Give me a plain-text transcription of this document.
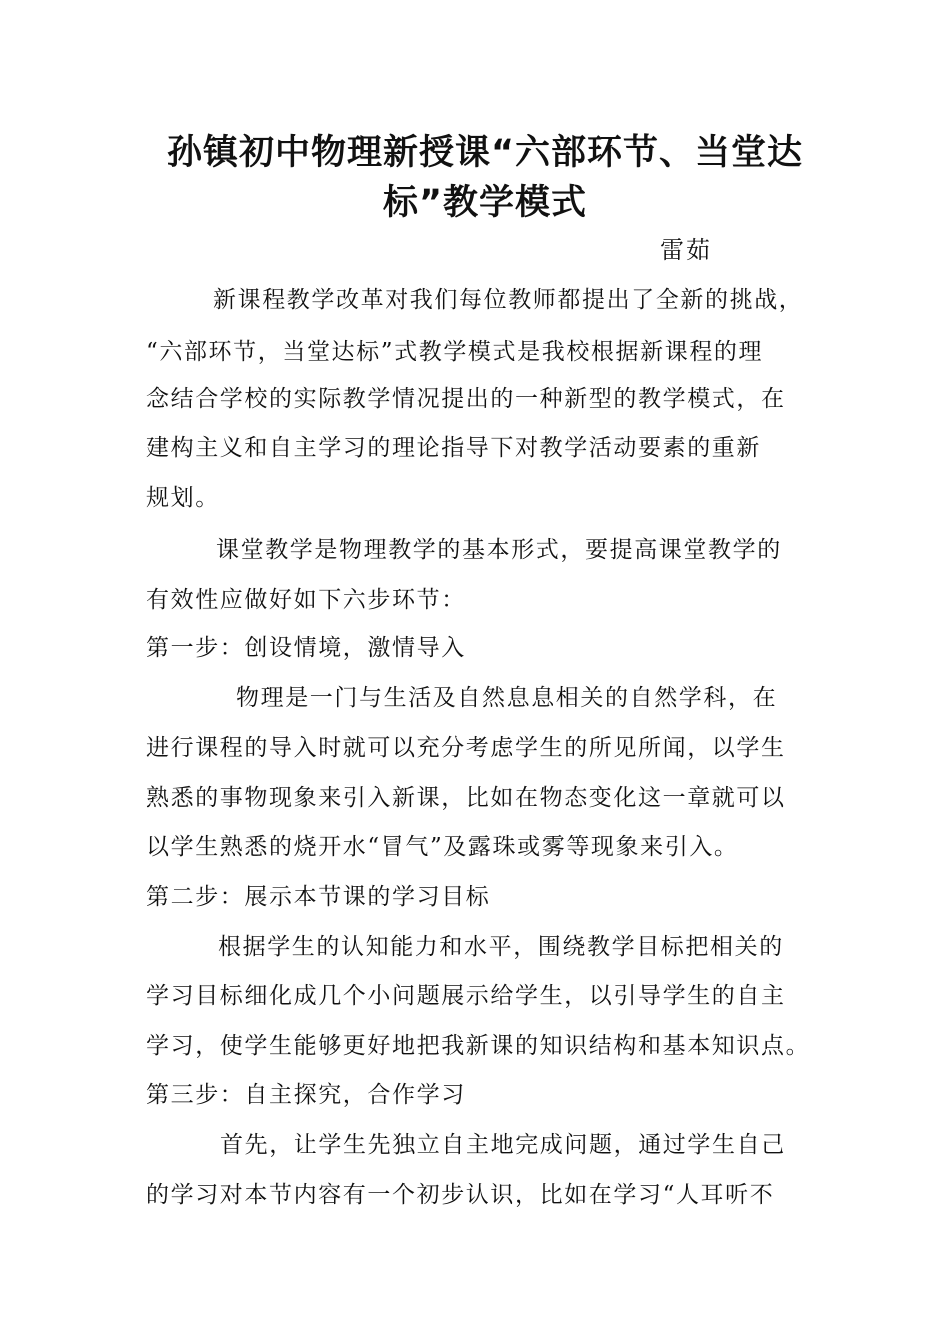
孙镇初中物理新授课“六部环节、当堂达
标”教学模式
雷茹
新课程教学改革对我们每位教师都提出了全新的挑战，
“六部环节，当堂达标”式教学模式是我校根据新课程的理
念结合学校的实际教学情况提出的一种新型的教学模式，在
建构主义和自主学习的理论指导下对教学活动要素的重新
规划。
课堂教学是物理教学的基本形式，要提高课堂教学的
有效性应做好如下六步环节：
第一步：创设情境，激情导入
物理是一门与生活及自然息息相关的自然学科，在
进行课程的导入时就可以充分考虑学生的所见所闻，以学生
熟悉的事物现象来引入新课，比如在物态变化这一章就可以
以学生熟悉的烧开水“冒气”及露珠或雾等现象来引入。
第二步：展示本节课的学习目标
根据学生的认知能力和水平，围绕教学目标把相关的
学习目标细化成几个小问题展示给学生，以引导学生的自主
学习，使学生能够更好地把我新课的知识结构和基本知识点。
第三步：自主探究，合作学习
首先，让学生先独立自主地完成问题，通过学生自己
的学习对本节内容有一个初步认识，比如在学习“人耳听不
